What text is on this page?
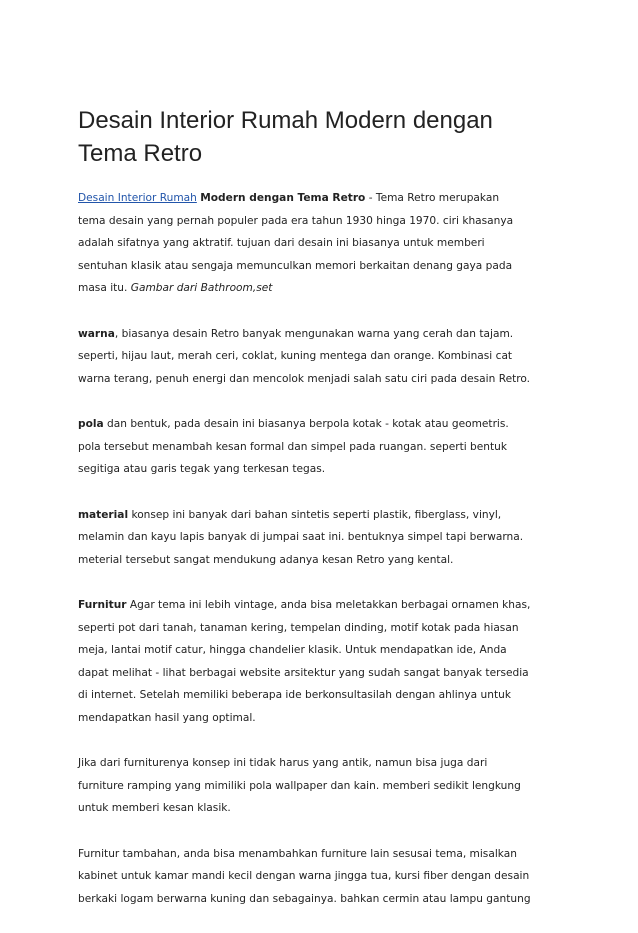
Desain Interior Rumah Modern dengan
Tema Retro

Desain Interior Rumah Modern dengan Tema Retro - Tema Retro merupakan
tema desain yang pernah populer pada era tahun 1930 hinga 1970. ciri khasanya
adalah sifatnya yang aktratif. tujuan dari desain ini biasanya untuk memberi
sentuhan klasik atau sengaja memunculkan memori berkaitan denang gaya pada
masa itu. Gambar dari Bathroom,set

warna, biasanya desain Retro banyak mengunakan warna yang cerah dan tajam.
seperti, hijau laut, merah ceri, coklat, kuning mentega dan orange. Kombinasi cat
warna terang, penuh energi dan mencolok menjadi salah satu ciri pada desain Retro.

pola dan bentuk, pada desain ini biasanya berpola kotak - kotak atau geometris.
pola tersebut menambah kesan formal dan simpel pada ruangan. seperti bentuk
segitiga atau garis tegak yang terkesan tegas.

material konsep ini banyak dari bahan sintetis seperti plastik, fiberglass, vinyl,
melamin dan kayu lapis banyak di jumpai saat ini. bentuknya simpel tapi berwarna.
meterial tersebut sangat mendukung adanya kesan Retro yang kental.

Furnitur Agar tema ini lebih vintage, anda bisa meletakkan berbagai ornamen khas,
seperti pot dari tanah, tanaman kering, tempelan dinding, motif kotak pada hiasan
meja, lantai motif catur, hingga chandelier klasik. Untuk mendapatkan ide, Anda
dapat melihat - lihat berbagai website arsitektur yang sudah sangat banyak tersedia
di internet. Setelah memiliki beberapa ide berkonsultasilah dengan ahlinya untuk
mendapatkan hasil yang optimal.

Jika dari furniturenya konsep ini tidak harus yang antik, namun bisa juga dari
furniture ramping yang mimiliki pola wallpaper dan kain. memberi sedikit lengkung
untuk memberi kesan klasik.

Furnitur tambahan, anda bisa menambahkan furniture lain sesusai tema, misalkan
kabinet untuk kamar mandi kecil dengan warna jingga tua, kursi fiber dengan desain
berkaki logam berwarna kuning dan sebagainya. bahkan cermin atau lampu gantung
